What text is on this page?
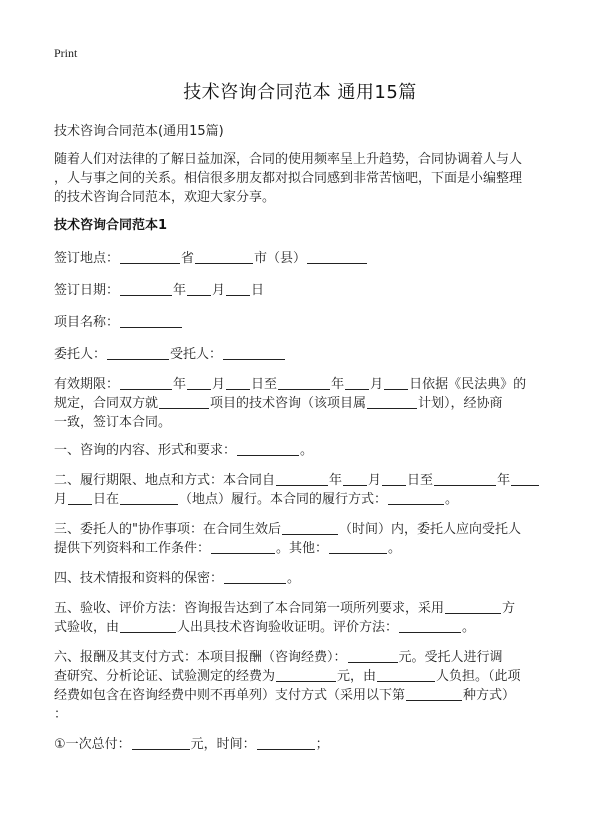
Print
技术咨询合同范本 通用15篇
技术咨询合同范本(通用15篇)
随着人们对法律的了解日益加深，合同的使用频率呈上升趋势，合同协调着人与人
，人与事之间的关系。相信很多朋友都对拟合同感到非常苦恼吧，下面是小编整理
的技术咨询合同范本，欢迎大家分享。
技术咨询合同范本1
签订地点：	省	市（县）
签订日期：	年 月 日
项目名称：
委托人：	受托人：
有效期限：	年 月 日至	年 月 日依据《民法典》的
规定，合同双方就	项目的技术咨询（该项目属	计划），经协商
一致，签订本合同。
一、咨询的内容、形式和要求：	。
二、履行期限、地点和方式：本合同自	年 月 日至	年
月 日在	（地点）履行。本合同的履行方式：	。
三、委托人的"协作事项：在合同生效后	（时间）内，委托人应向受托人
提供下列资料和工作条件：	。其他：	。
四、技术情报和资料的保密：	。
五、验收、评价方法：咨询报告达到了本合同第一项所列要求，采用	方
式验收，由	人出具技术咨询验收证明。评价方法：	。
六、报酬及其支付方式：本项目报酬（咨询经费）：	元。受托人进行调
查研究、分析论证、试验测定的经费为	元，由	人负担。（此项
经费如包含在咨询经费中则不再单列）支付方式（采用以下第	种方式）
：
①一次总付：	元，时间：	；
